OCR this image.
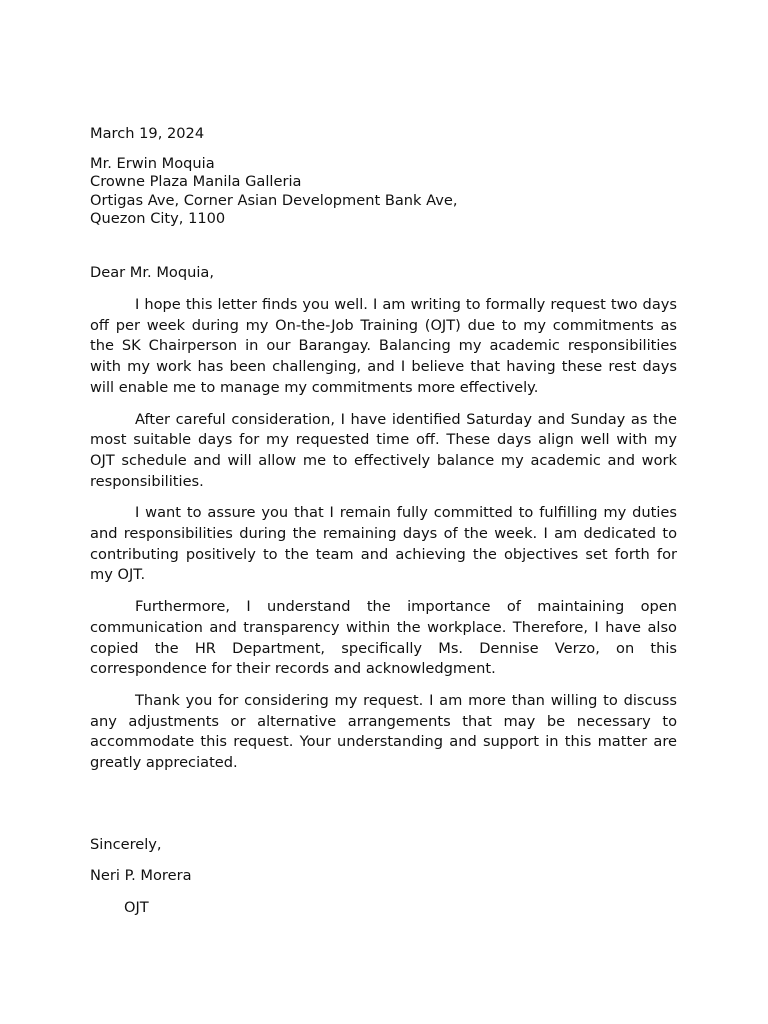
March 19, 2024
Mr. Erwin Moquia
Crowne Plaza Manila Galleria
Ortigas Ave, Corner Asian Development Bank Ave,
Quezon City, 1100
Dear Mr. Moquia,

I hope this letter finds you well. I am writing to formally request two days off per week during my On-the-Job Training (OJT) due to my commitments as the SK Chairperson in our Barangay. Balancing my academic responsibilities with my work has been challenging, and I believe that having these rest days will enable me to manage my commitments more effectively.

After careful consideration, I have identified Saturday and Sunday as the most suitable days for my requested time off. These days align well with my OJT schedule and will allow me to effectively balance my academic and work responsibilities.

I want to assure you that I remain fully committed to fulfilling my duties and responsibilities during the remaining days of the week. I am dedicated to contributing positively to the team and achieving the objectives set forth for my OJT.

Furthermore, I understand the importance of maintaining open communication and transparency within the workplace. Therefore, I have also copied the HR Department, specifically Ms. Dennise Verzo, on this correspondence for their records and acknowledgment.

Thank you for considering my request. I am more than willing to discuss any adjustments or alternative arrangements that may be necessary to accommodate this request. Your understanding and support in this matter are greatly appreciated.

Sincerely,
Neri P. Morera
OJT
